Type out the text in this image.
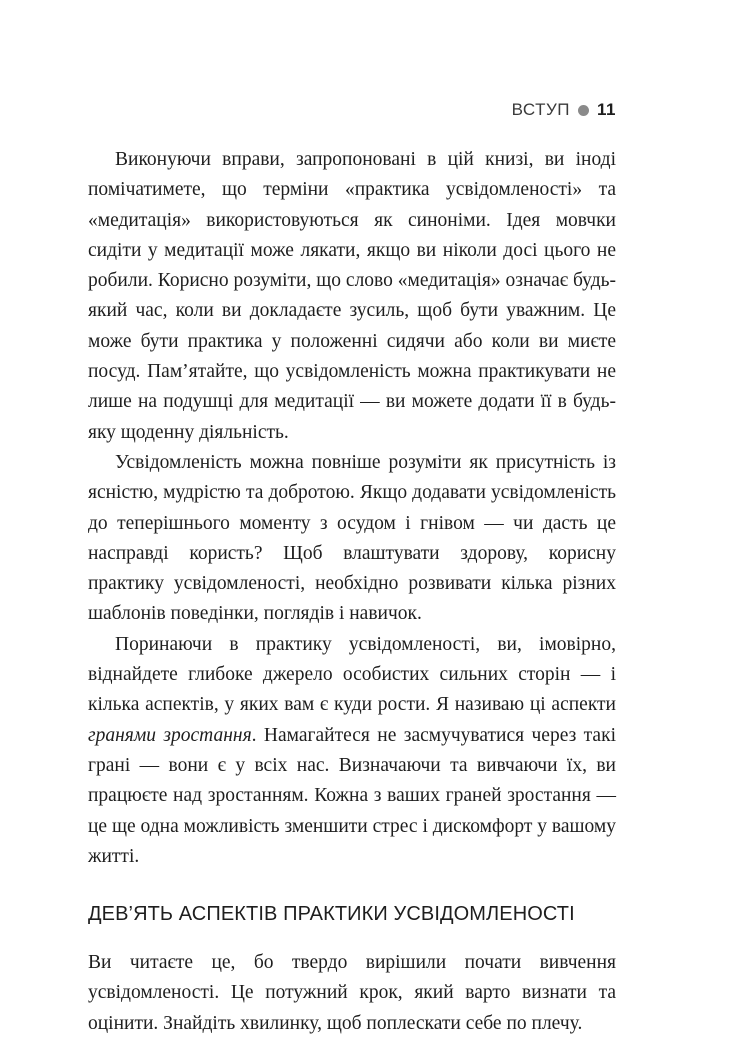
ВСТУП 11

Виконуючи вправи, запропоновані в цій книзі, ви іноді помічатимете, що терміни «практика усвідомленості» та «медитація» використовуються як синоніми. Ідея мовчки сидіти у медитації може лякати, якщо ви ніколи досі цього не робили. Корисно розуміти, що слово «медитація» означає будь-який час, коли ви докладаєте зусиль, щоб бути уважним. Це може бути практика у положенні сидячи або коли ви миєте посуд. Пам’ятайте, що усвідомленість можна практикувати не лише на подушці для медитації — ви можете додати її в будь-яку щоденну діяльність.

Усвідомленість можна повніше розуміти як присутність із ясністю, мудрістю та добротою. Якщо додавати усвідомленість до теперішнього моменту з осудом і гнівом — чи дасть це насправді користь? Щоб влаштувати здорову, корисну практику усвідомленості, необхідно розвивати кілька різних шаблонів поведінки, поглядів і навичок.

Поринаючи в практику усвідомленості, ви, імовірно, віднайдете глибоке джерело особистих сильних сторін — і кілька аспектів, у яких вам є куди рости. Я називаю ці аспекти гранями зростання. Намагайтеся не засмучуватися через такі грані — вони є у всіх нас. Визначаючи та вивчаючи їх, ви працюєте над зростанням. Кожна з ваших граней зростання — це ще одна можливість зменшити стрес і дискомфорт у вашому житті.

ДЕВ’ЯТЬ АСПЕКТІВ ПРАКТИКИ УСВІДОМЛЕНОСТІ

Ви читаєте це, бо твердо вирішили почати вивчення усвідомленості. Це потужний крок, який варто визнати та оцінити. Знайдіть хвилинку, щоб поплескати себе по плечу.
